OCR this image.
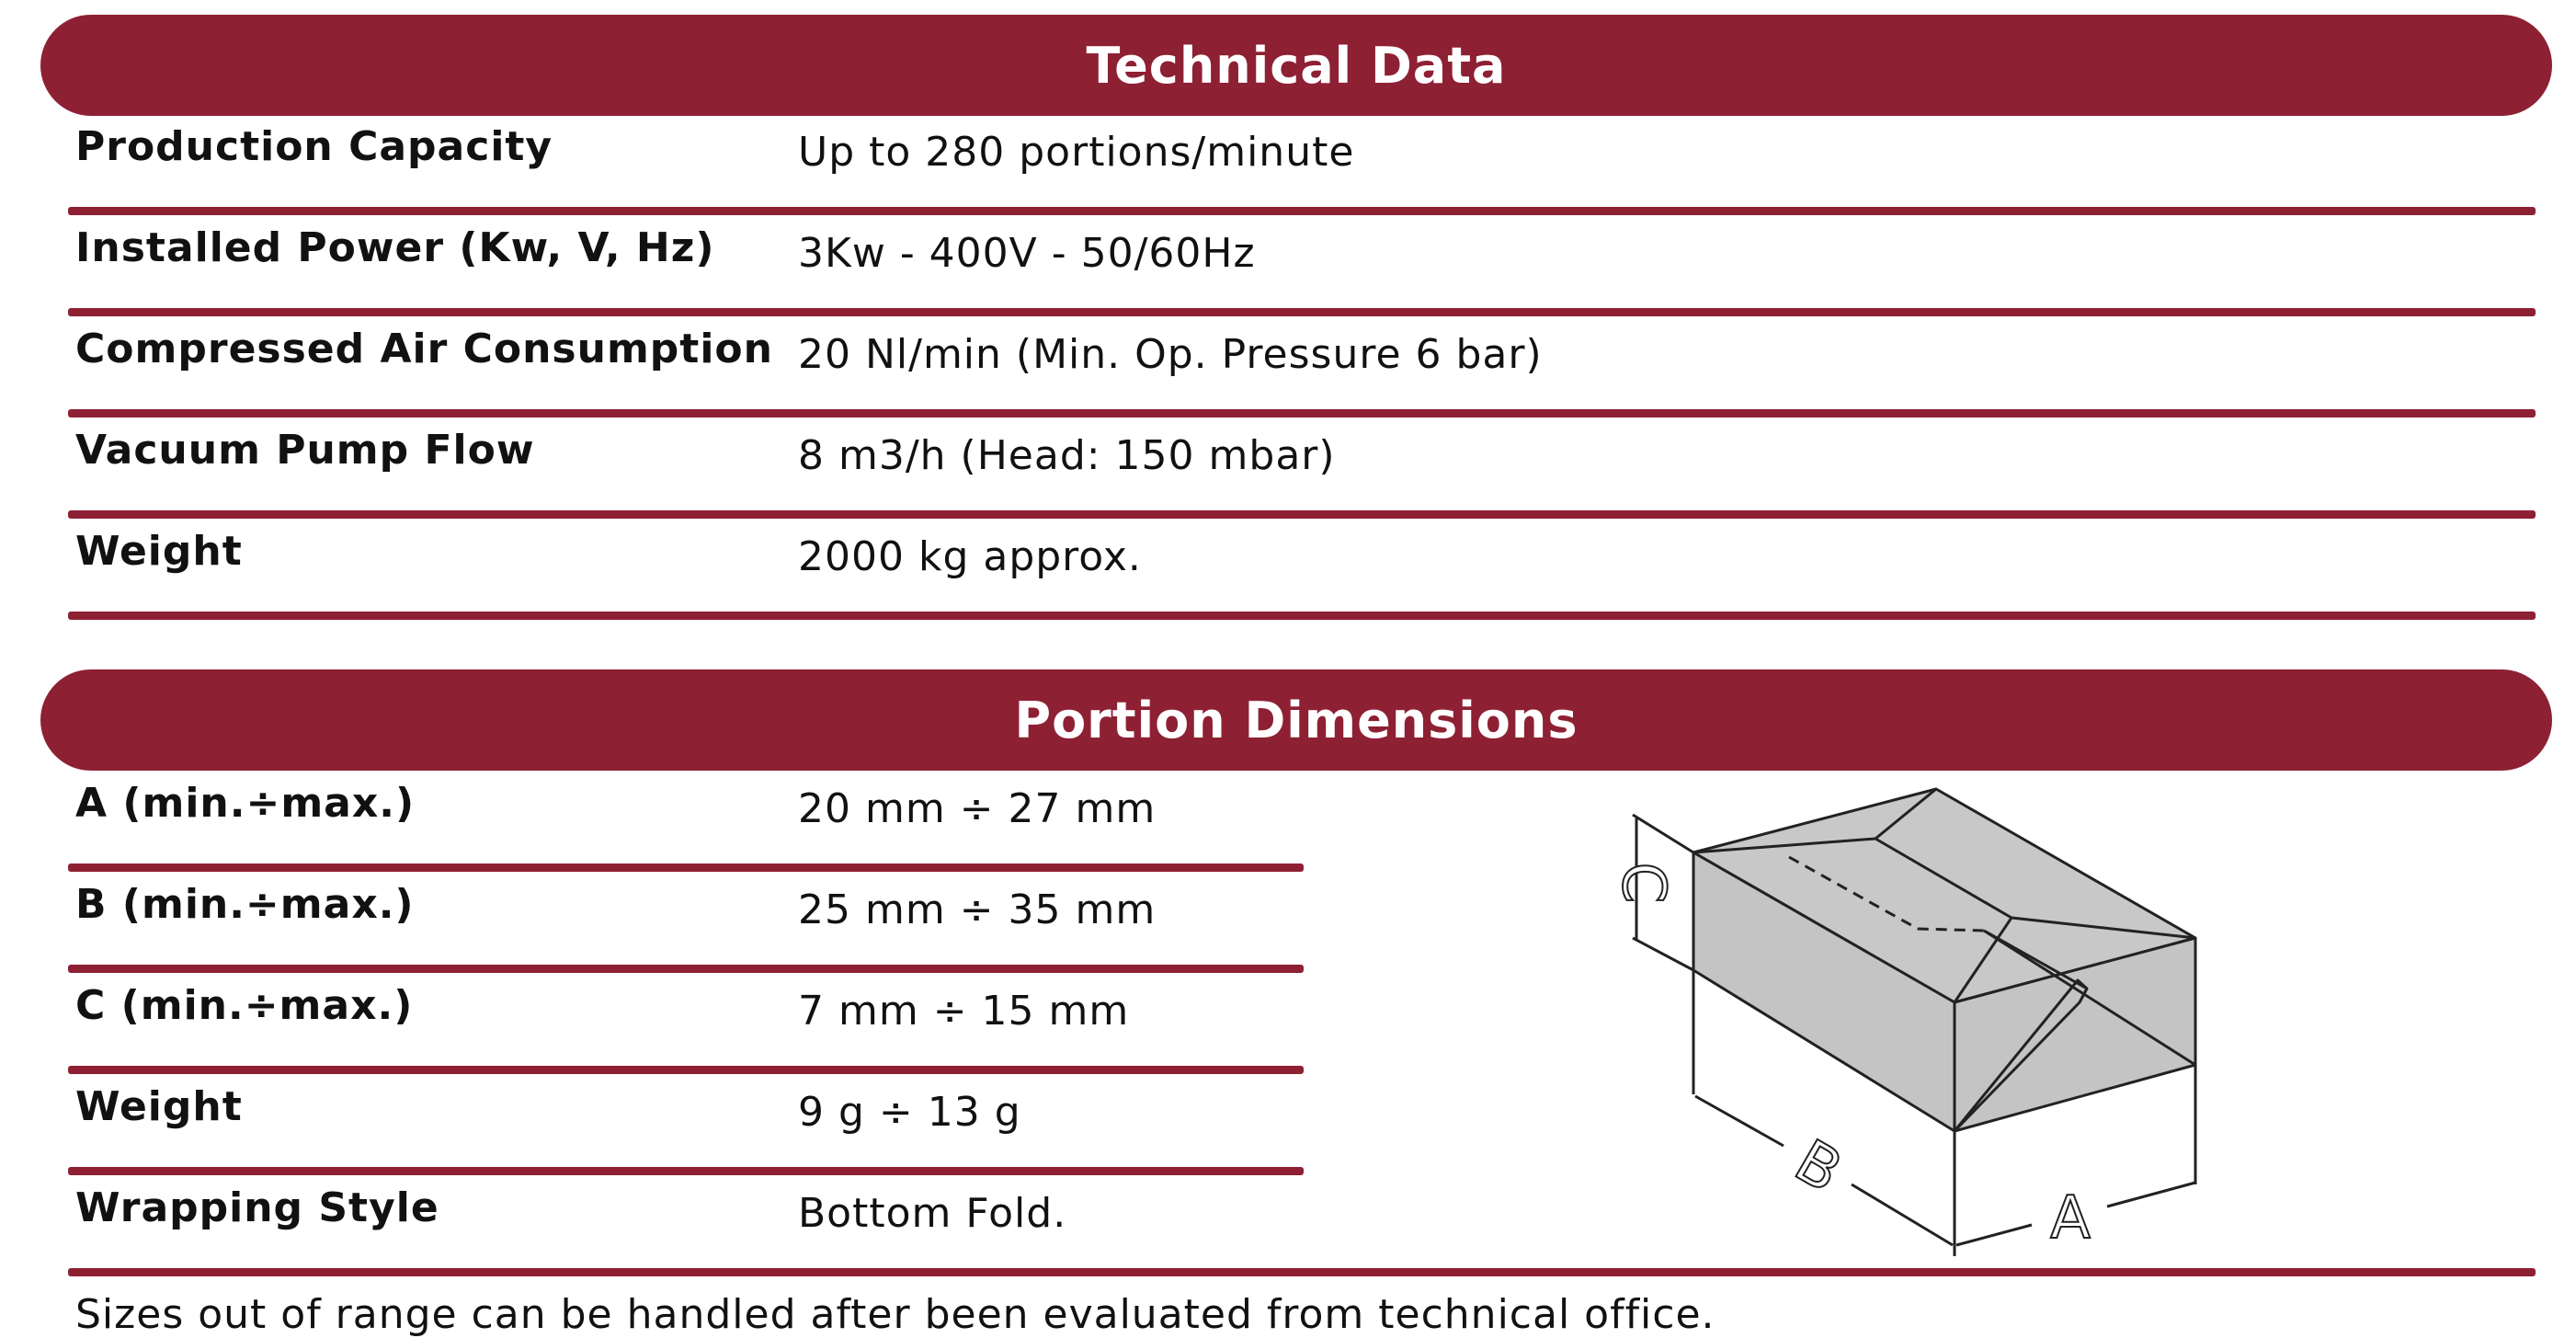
Technical Data
Production Capacity	Up to 280 portions/minute
Installed Power (Kw, V, Hz) 3Kw - 400V - 50/60Hz
Compressed Air Consumption 20 Nl/min (Min. Op. Pressure 6 bar)
Vacuum Pump Flow	8 m3/h (Head: 150 mbar)
Weight	2000 kg approx.
Portion Dimensions
A (min.÷max.)	20 mm ÷ 27 mm
B (min.÷max.)	25 mm ÷ 35 mm
C (min.÷max.)	7 mm ÷ 15 mm
Weight	9 g ÷ 13 g
Wrapping Style	Bottom Fold.
C
B
A
Sizes out of range can be handled after been evaluated from technical office.
